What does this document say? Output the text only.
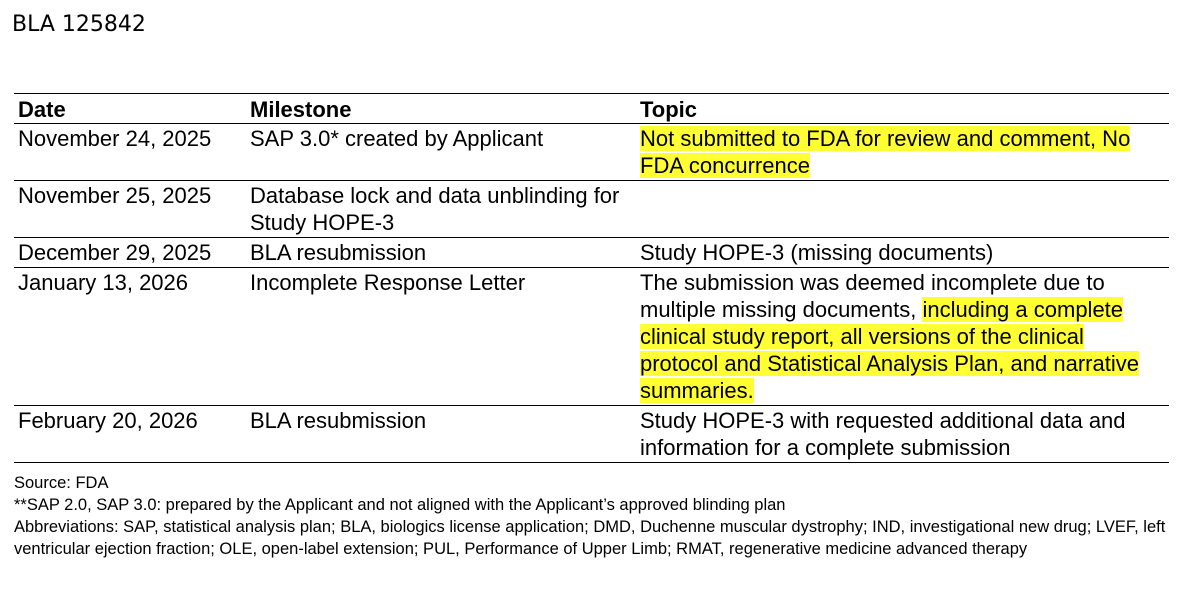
BLA 125842
Date	Milestone	Topic
November 24, 2025	SAP 3.0* created by Applicant	Not submitted to FDA for review and comment, No FDA concurrence
November 25, 2025	Database lock and data unblinding for Study HOPE-3	
December 29, 2025	BLA resubmission	Study HOPE-3 (missing documents)
January 13, 2026	Incomplete Response Letter	The submission was deemed incomplete due to multiple missing documents, including a complete clinical study report, all versions of the clinical protocol and Statistical Analysis Plan, and narrative summaries.
February 20, 2026	BLA resubmission	Study HOPE-3 with requested additional data and information for a complete submission
Source: FDA
**SAP 2.0, SAP 3.0: prepared by the Applicant and not aligned with the Applicant’s approved blinding plan
Abbreviations: SAP, statistical analysis plan; BLA, biologics license application; DMD, Duchenne muscular dystrophy; IND, investigational new drug; LVEF, left ventricular ejection fraction; OLE, open-label extension; PUL, Performance of Upper Limb; RMAT, regenerative medicine advanced therapy
